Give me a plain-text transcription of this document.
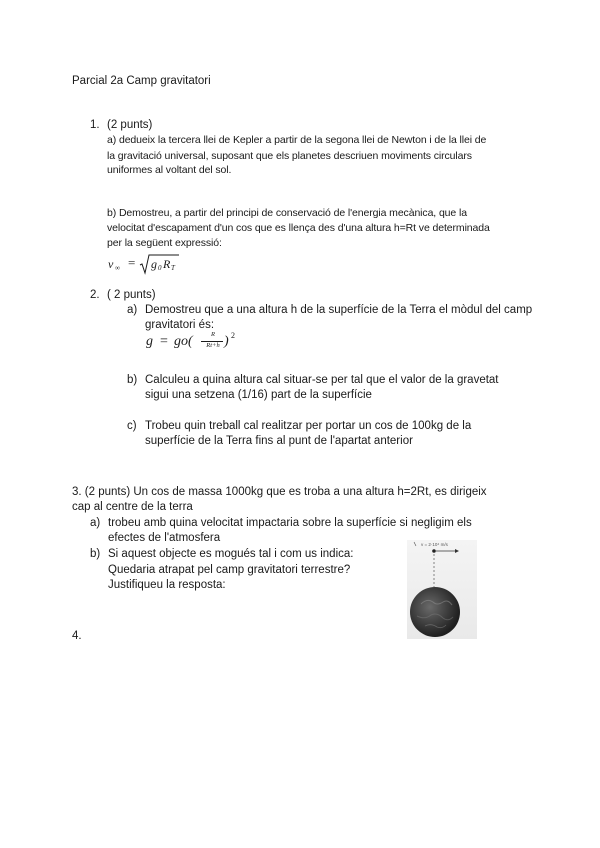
Parcial 2a Camp gravitatori
1. (2 punts)
a) dedueix la tercera llei de Kepler a partir de la segona llei de Newton i de la llei de
la gravitació universal, suposant que els planetes descriuen moviments circulars
uniformes al voltant del sol.
b) Demostreu, a partir del principi de conservació de l'energia mecànica, que la
velocitat d'escapament d'un cos que es llença des d'una altura h=Rt ve determinada
per la següent expressió:
v ∞ = g 0 R T
2. ( 2 punts)
a) Demostreu que a una altura h de la superfície de la Terra el mòdul del camp
gravitatori és:
g = go(	R
Rt+h ) 2
b) Calculeu a quina altura cal situar-se per tal que el valor de la gravetat
sigui una setzena (1/16) part de la superfície
c) Trobeu quin treball cal realitzar per portar un cos de 100kg de la
superfície de la Terra fins al punt de l'apartat anterior
3. (2 punts) Un cos de massa 1000kg que es troba a una altura h=2Rt, es dirigeix
cap al centre de la terra
a) trobeu amb quina velocitat impactaria sobre la superfície si negligim els
efectes de l'atmosfera
b) Si aquest objecte es mogués tal i com us indica:
Quedaria atrapat pel camp gravitatori terrestre?
Justifiqueu la resposta:
v = 2·10⁴ m/s
4.
